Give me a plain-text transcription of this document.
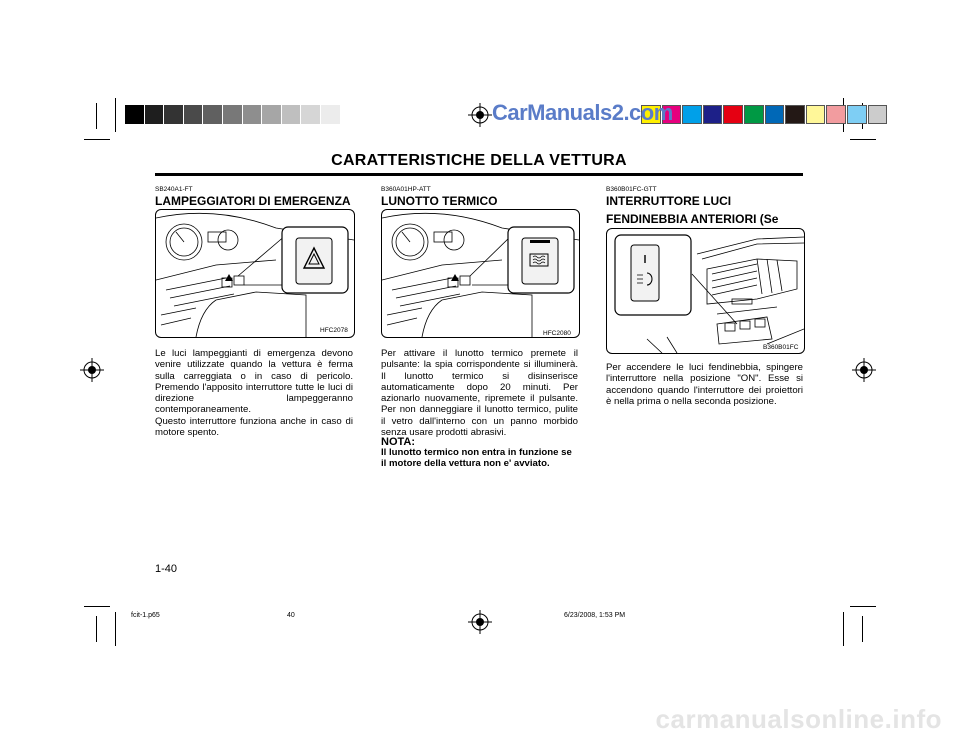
CarManuals2.com
CARATTERISTICHE DELLA VETTURA
SB240A1-FT
LAMPEGGIATORI DI EMERGENZA
HFC2078

Le luci lampeggianti di emergenza devono venire utilizzate quando la vettura è ferma sulla carreggiata o in caso di pericolo. Premendo l'apposito interruttore tutte le luci di direzione lampeggeranno contemporaneamente.

Questo interruttore funziona anche in caso di motore spento.

B360A01HP-ATT
LUNOTTO TERMICO
HFC2080

Per attivare il lunotto termico premete il pulsante: la spia corrispondente si illuminerà. Il lunotto termico si disinserisce automaticamente dopo 20 minuti. Per azionarlo nuovamente, ripremete il pulsante. Per non danneggiare il lunotto termico, pulite il vetro dall'interno con un panno morbido senza usare prodotti abrasivi.

NOTA:
Il lunotto termico non entra in funzione se il motore della vettura non e' avviato.
B360B01FC-GTT
INTERRUTTORE LUCI FENDINEBBIA ANTERIORI (Se
B360B01FC

Per accendere le luci fendinebbia, spingere l'interruttore nella posizione "ON". Esse si accendono quando l'interruttore dei proiettori è nella prima o nella seconda posizione.

1-40
fcit-1.p65	40	6/23/2008, 1:53 PM
carmanualsonline.info
